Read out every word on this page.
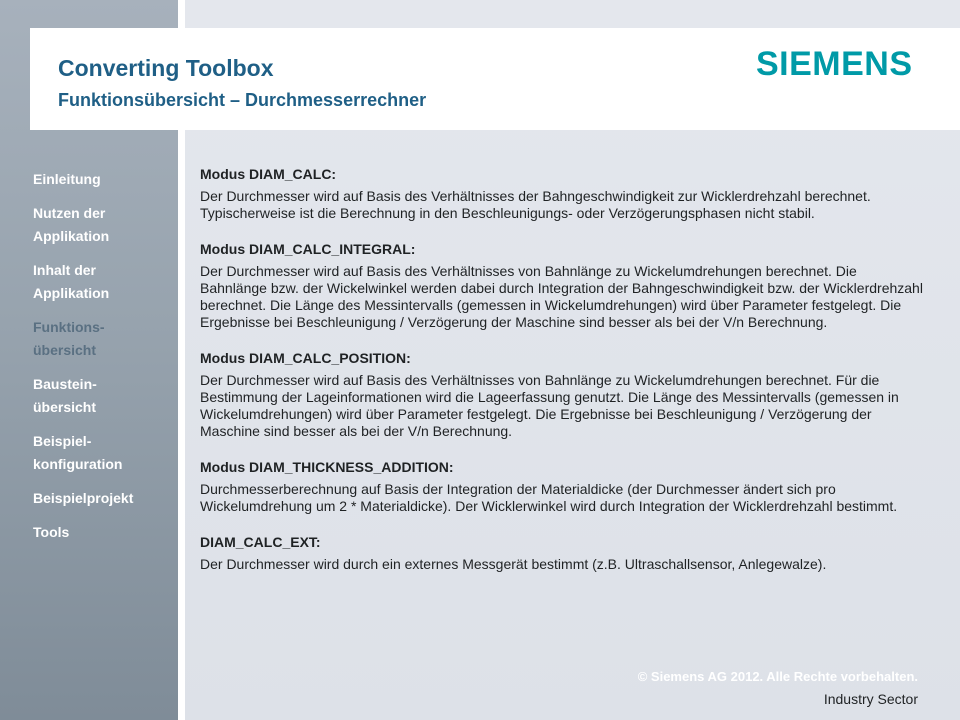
Converting Toolbox
Funktionsübersicht – Durchmesserrechner
SIEMENS
Einleitung
Nutzen der
Applikation
Inhalt der
Applikation
Funktions-
übersicht
Baustein-
übersicht
Beispiel-
konfiguration
Beispielprojekt
Tools
Modus DIAM_CALC:

Der Durchmesser wird auf Basis des Verhältnisses der Bahngeschwindigkeit zur Wicklerdrehzahl berechnet. Typischerweise ist die Berechnung in den Beschleunigungs- oder Verzögerungsphasen nicht stabil.

Modus DIAM_CALC_INTEGRAL:

Der Durchmesser wird auf Basis des Verhältnisses von Bahnlänge zu Wickelumdrehungen berechnet. Die Bahnlänge bzw. der Wickelwinkel werden dabei durch Integration der Bahngeschwindigkeit bzw. der Wicklerdrehzahl berechnet. Die Länge des Messintervalls (gemessen in Wickelumdrehungen) wird über Parameter festgelegt. Die Ergebnisse bei Beschleunigung / Verzögerung der Maschine sind besser als bei der V/n Berechnung.

Modus DIAM_CALC_POSITION:

Der Durchmesser wird auf Basis des Verhältnisses von Bahnlänge zu Wickelumdrehungen berechnet. Für die Bestimmung der Lageinformationen wird die Lageerfassung genutzt. Die Länge des Messintervalls (gemessen in Wickelumdrehungen) wird über Parameter festgelegt. Die Ergebnisse bei Beschleunigung / Verzögerung der Maschine sind besser als bei der V/n Berechnung.

Modus DIAM_THICKNESS_ADDITION:

Durchmesserberechnung auf Basis der Integration der Materialdicke (der Durchmesser ändert sich pro Wickelumdrehung um 2 * Materialdicke). Der Wicklerwinkel wird durch Integration der Wicklerdrehzahl bestimmt.

DIAM_CALC_EXT:

Der Durchmesser wird durch ein externes Messgerät bestimmt (z.B. Ultraschallsensor, Anlegewalze).

© Siemens AG 2012. Alle Rechte vorbehalten.
Industry Sector
